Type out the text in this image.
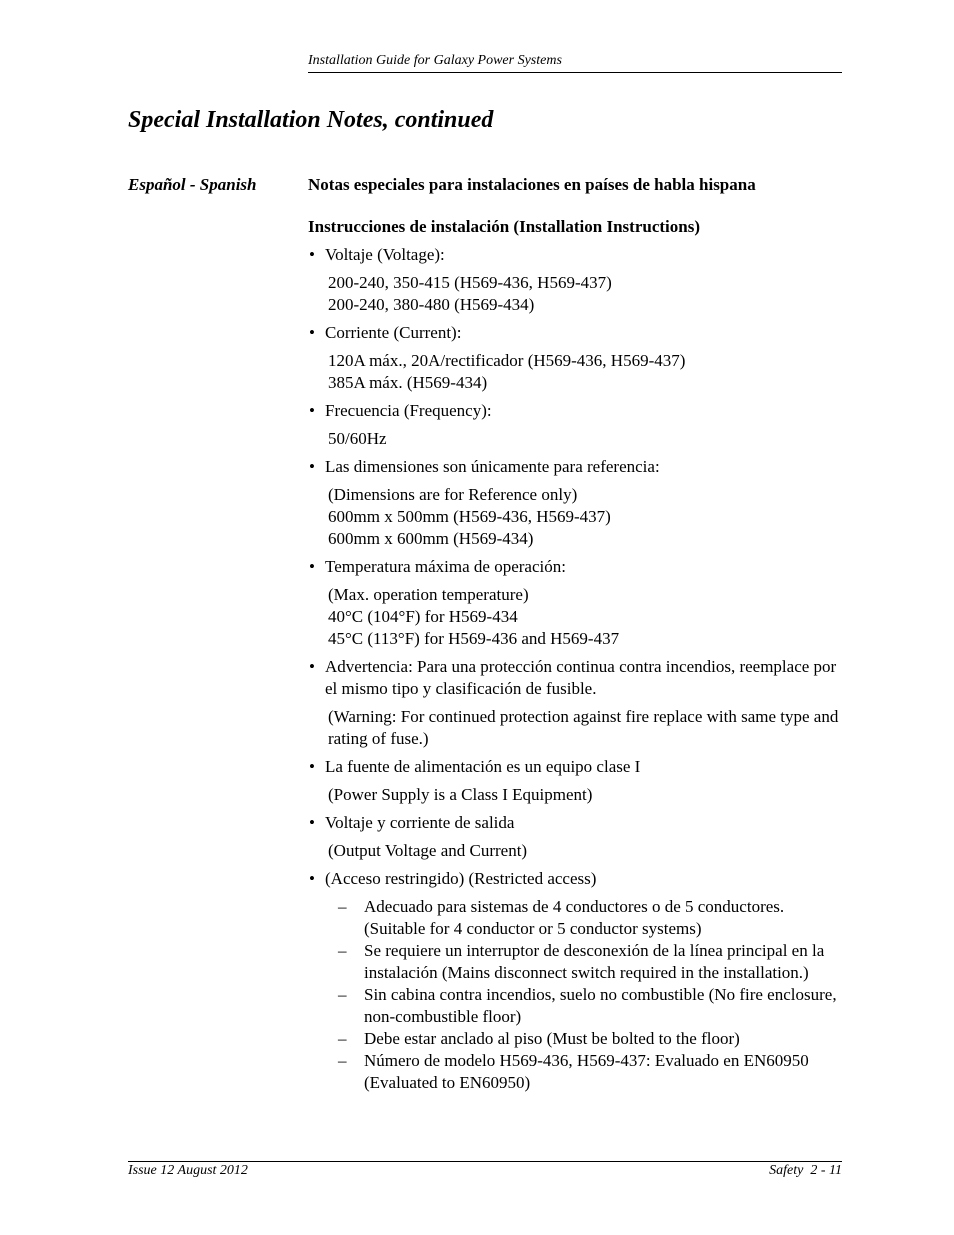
Installation Guide for Galaxy Power Systems
Special Installation Notes, continued
Español - Spanish	Notas especiales para instalaciones en países de habla hispana

Instrucciones de instalación (Installation Instructions)

• Voltaje (Voltage):
200-240, 350-415 (H569-436, H569-437)
200-240, 380-480 (H569-434)
• Corriente (Current):
120A máx., 20A/rectificador (H569-436, H569-437)
385A máx. (H569-434)
• Frecuencia (Frequency):
50/60Hz
• Las dimensiones son únicamente para referencia:
(Dimensions are for Reference only)
600mm x 500mm (H569-436, H569-437)
600mm x 600mm (H569-434)
• Temperatura máxima de operación:
(Max. operation temperature)
40°C (104°F) for H569-434
45°C (113°F) for H569-436 and H569-437
• Advertencia: Para una protección continua contra incendios, reemplace por el mismo tipo y clasificación de fusible.
(Warning: For continued protection against fire replace with same type and rating of fuse.)
• La fuente de alimentación es un equipo clase I
(Power Supply is a Class I Equipment)
• Voltaje y corriente de salida
(Output Voltage and Current)
• (Acceso restringido) (Restricted access)
– Adecuado para sistemas de 4 conductores o de 5 conductores. (Suitable for 4 conductor or 5 conductor systems)
– Se requiere un interruptor de desconexión de la línea principal en la instalación (Mains disconnect switch required in the installation.)
– Sin cabina contra incendios, suelo no combustible (No fire enclosure, non-combustible floor)
– Debe estar anclado al piso (Must be bolted to the floor)
– Número de modelo H569-436, H569-437: Evaluado en EN60950 (Evaluated to EN60950)
Issue 12 August 2012	Safety  2 - 11
